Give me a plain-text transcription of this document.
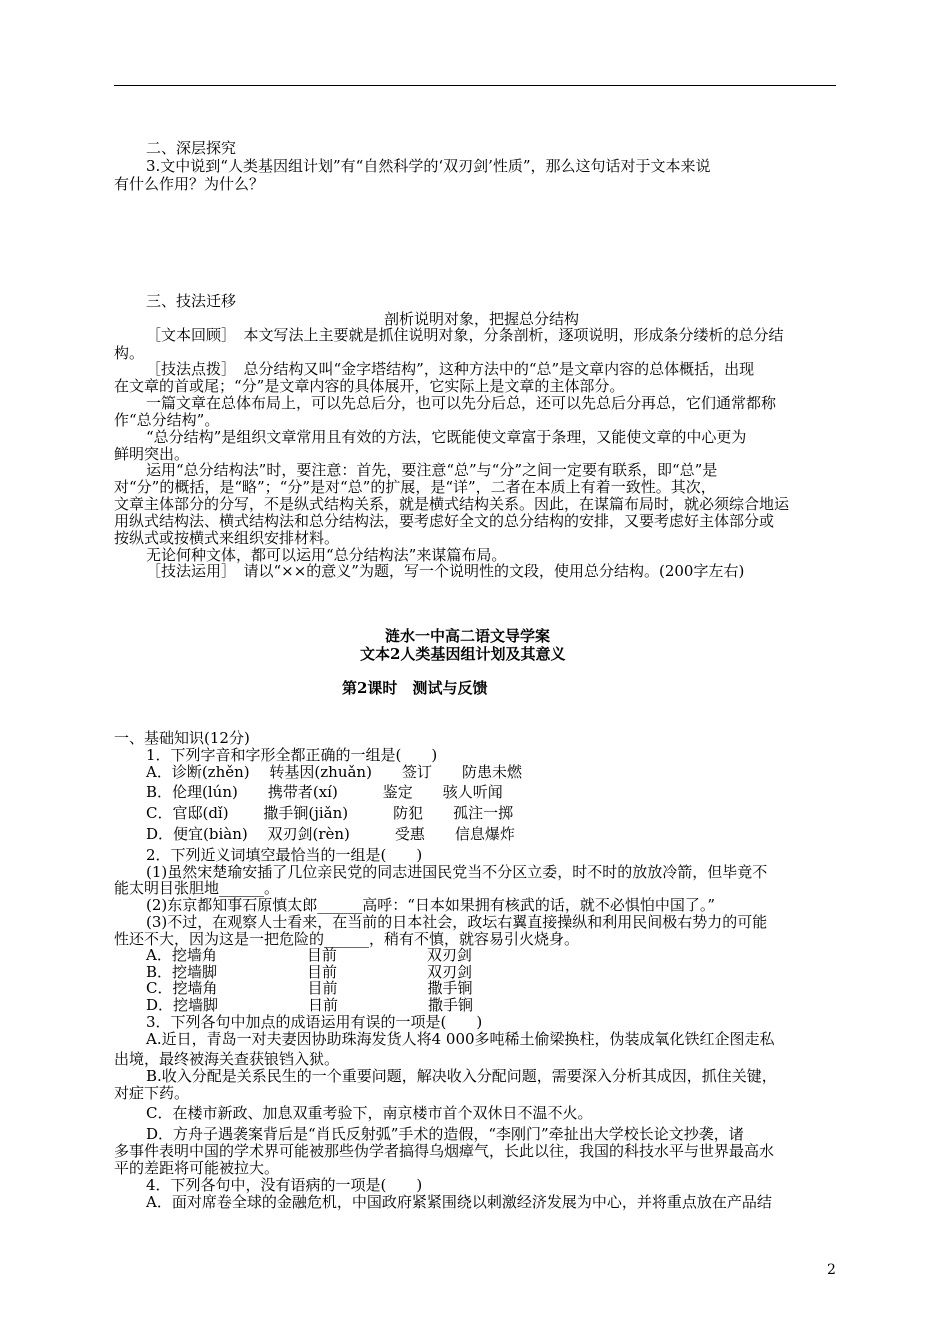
二、深层探究
3.文中说到“人类基因组计划”有“自然科学的‘双刃剑’性质”，那么这句话对于文本来说
有什么作用？为什么？
三、技法迁移
剖析说明对象，把握总分结构
［文本回顾］　本文写法上主要就是抓住说明对象，分条剖析，逐项说明，形成条分缕析的总分结
构。
［技法点拨］　总分结构又叫“金字塔结构”，这种方法中的“总”是文章内容的总体概括，出现
在文章的首或尾；“分”是文章内容的具体展开，它实际上是文章的主体部分。
一篇文章在总体布局上，可以先总后分，也可以先分后总，还可以先总后分再总，它们通常都称
作“总分结构”。
“总分结构”是组织文章常用且有效的方法，它既能使文章富于条理，又能使文章的中心更为
鲜明突出。
运用“总分结构法”时，要注意：首先，要注意“总”与“分”之间一定要有联系，即“总”是
对“分”的概括，是“略”；“分”是对“总”的扩展，是“详”，二者在本质上有着一致性。其次，
文章主体部分的分写，不是纵式结构关系，就是横式结构关系。因此，在谋篇布局时，就必须综合地运
用纵式结构法、横式结构法和总分结构法，要考虑好全文的总分结构的安排，又要考虑好主体部分或
按纵式或按横式来组织安排材料。
无论何种文体，都可以运用“总分结构法”来谋篇布局。
［技法运用］　请以“××的意义”为题，写一个说明性的文段，使用总分结构。(200字左右)
涟水一中高二语文导学案
文本2人类基因组计划及其意义
第2课时　测试与反馈
一、基础知识(12分)
1．下列字音和字形全都正确的一组是(　　)
A．诊断(zhěn)　 转基因(zhuǎn)　　签订　　防患未燃
B．伦理(lún)　　携带者(xí)　　　鉴定　　骇人听闻
C．官邸(dǐ)　　 撒手锏(jiǎn)　　　防犯　　孤注一掷
D．便宜(biàn)　 双刃剑(rèn)　　　受惠　　信息爆炸
2．下列近义词填空最恰当的一组是(　　)
(1)虽然宋楚瑜安插了几位亲民党的同志进国民党当不分区立委，时不时的放放冷箭，但毕竟不
能太明目张胆地______。
(2)东京都知事石原慎太郎______高呼：“日本如果拥有核武的话，就不必惧怕中国了。”
(3)不过，在观察人士看来，在当前的日本社会，政坛右翼直接操纵和利用民间极右势力的可能
性还不大，因为这是一把危险的______，稍有不慎，就容易引火烧身。
A．挖墙角　　　　　　目前　　　　　　双刃剑
B．挖墙脚　　　　　　目前　　　　　　双刃剑
C．挖墙角　　　　　　目前　　　　　　撒手锏
D．挖墙脚　　　　　　日前　　　　　　撒手锏
3．下列各句中加点的成语运用有误的一项是(　　)
A.近日，青岛一对夫妻因协助珠海发货人将4 000多吨稀土偷梁换柱，伪装成氧化铁红企图走私
出境，最终被海关查获锒铛入狱。
B.收入分配是关系民生的一个重要问题，解决收入分配问题，需要深入分析其成因，抓住关键，
对症下药。
C．在楼市新政、加息双重考验下，南京楼市首个双休日不温不火。
D．方舟子遇袭案背后是“肖氏反射弧”手术的造假，“李刚门”牵扯出大学校长论文抄袭，诸
多事件表明中国的学术界可能被那些伪学者搞得乌烟瘴气，长此以往，我国的科技水平与世界最高水
平的差距将可能被拉大。
4．下列各句中，没有语病的一项是(　　)
A．面对席卷全球的金融危机，中国政府紧紧围绕以刺激经济发展为中心，并将重点放在产品结
2
